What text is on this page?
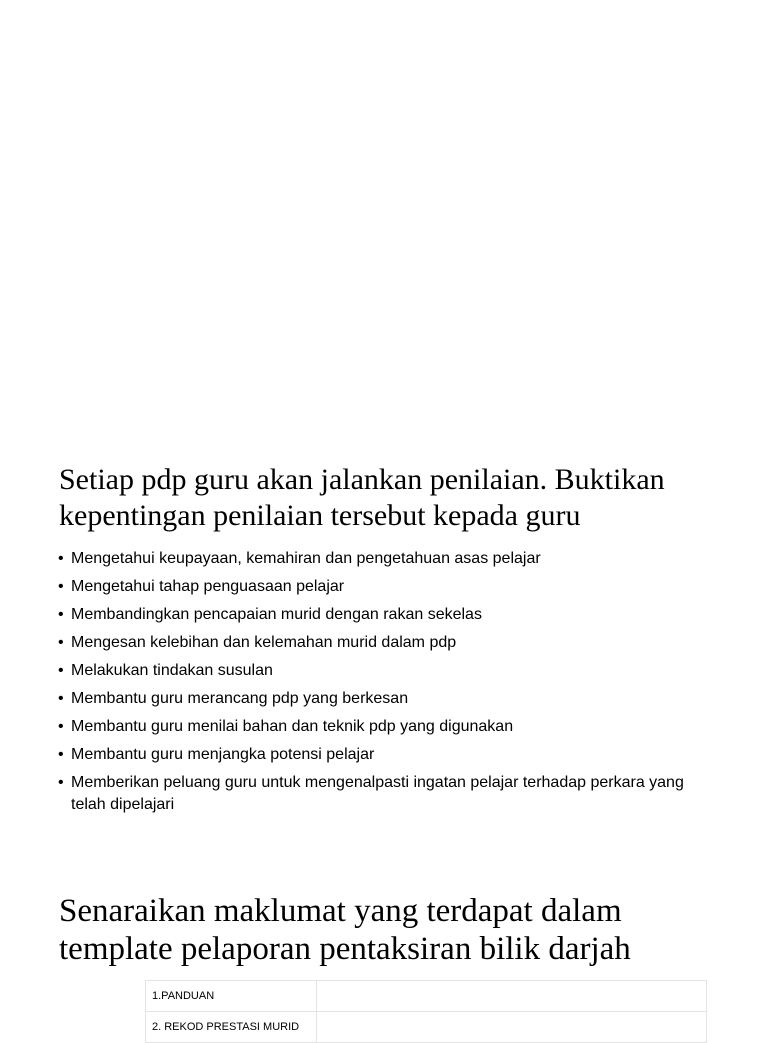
Setiap pdp guru akan jalankan penilaian. Buktikan
kepentingan penilaian tersebut kepada guru
• Mengetahui keupayaan, kemahiran dan pengetahuan asas pelajar
• Mengetahui tahap penguasaan pelajar
• Membandingkan pencapaian murid dengan rakan sekelas
• Mengesan kelebihan dan kelemahan murid dalam pdp
• Melakukan tindakan susulan
• Membantu guru merancang pdp yang berkesan
• Membantu guru menilai bahan dan teknik pdp yang digunakan
• Membantu guru menjangka potensi pelajar
• Memberikan peluang guru untuk mengenalpasti ingatan pelajar terhadap perkara yang telah dipelajari
Senaraikan maklumat yang terdapat dalam
template pelaporan pentaksiran bilik darjah
1.PANDUAN	
2. REKOD PRESTASI MURID	
